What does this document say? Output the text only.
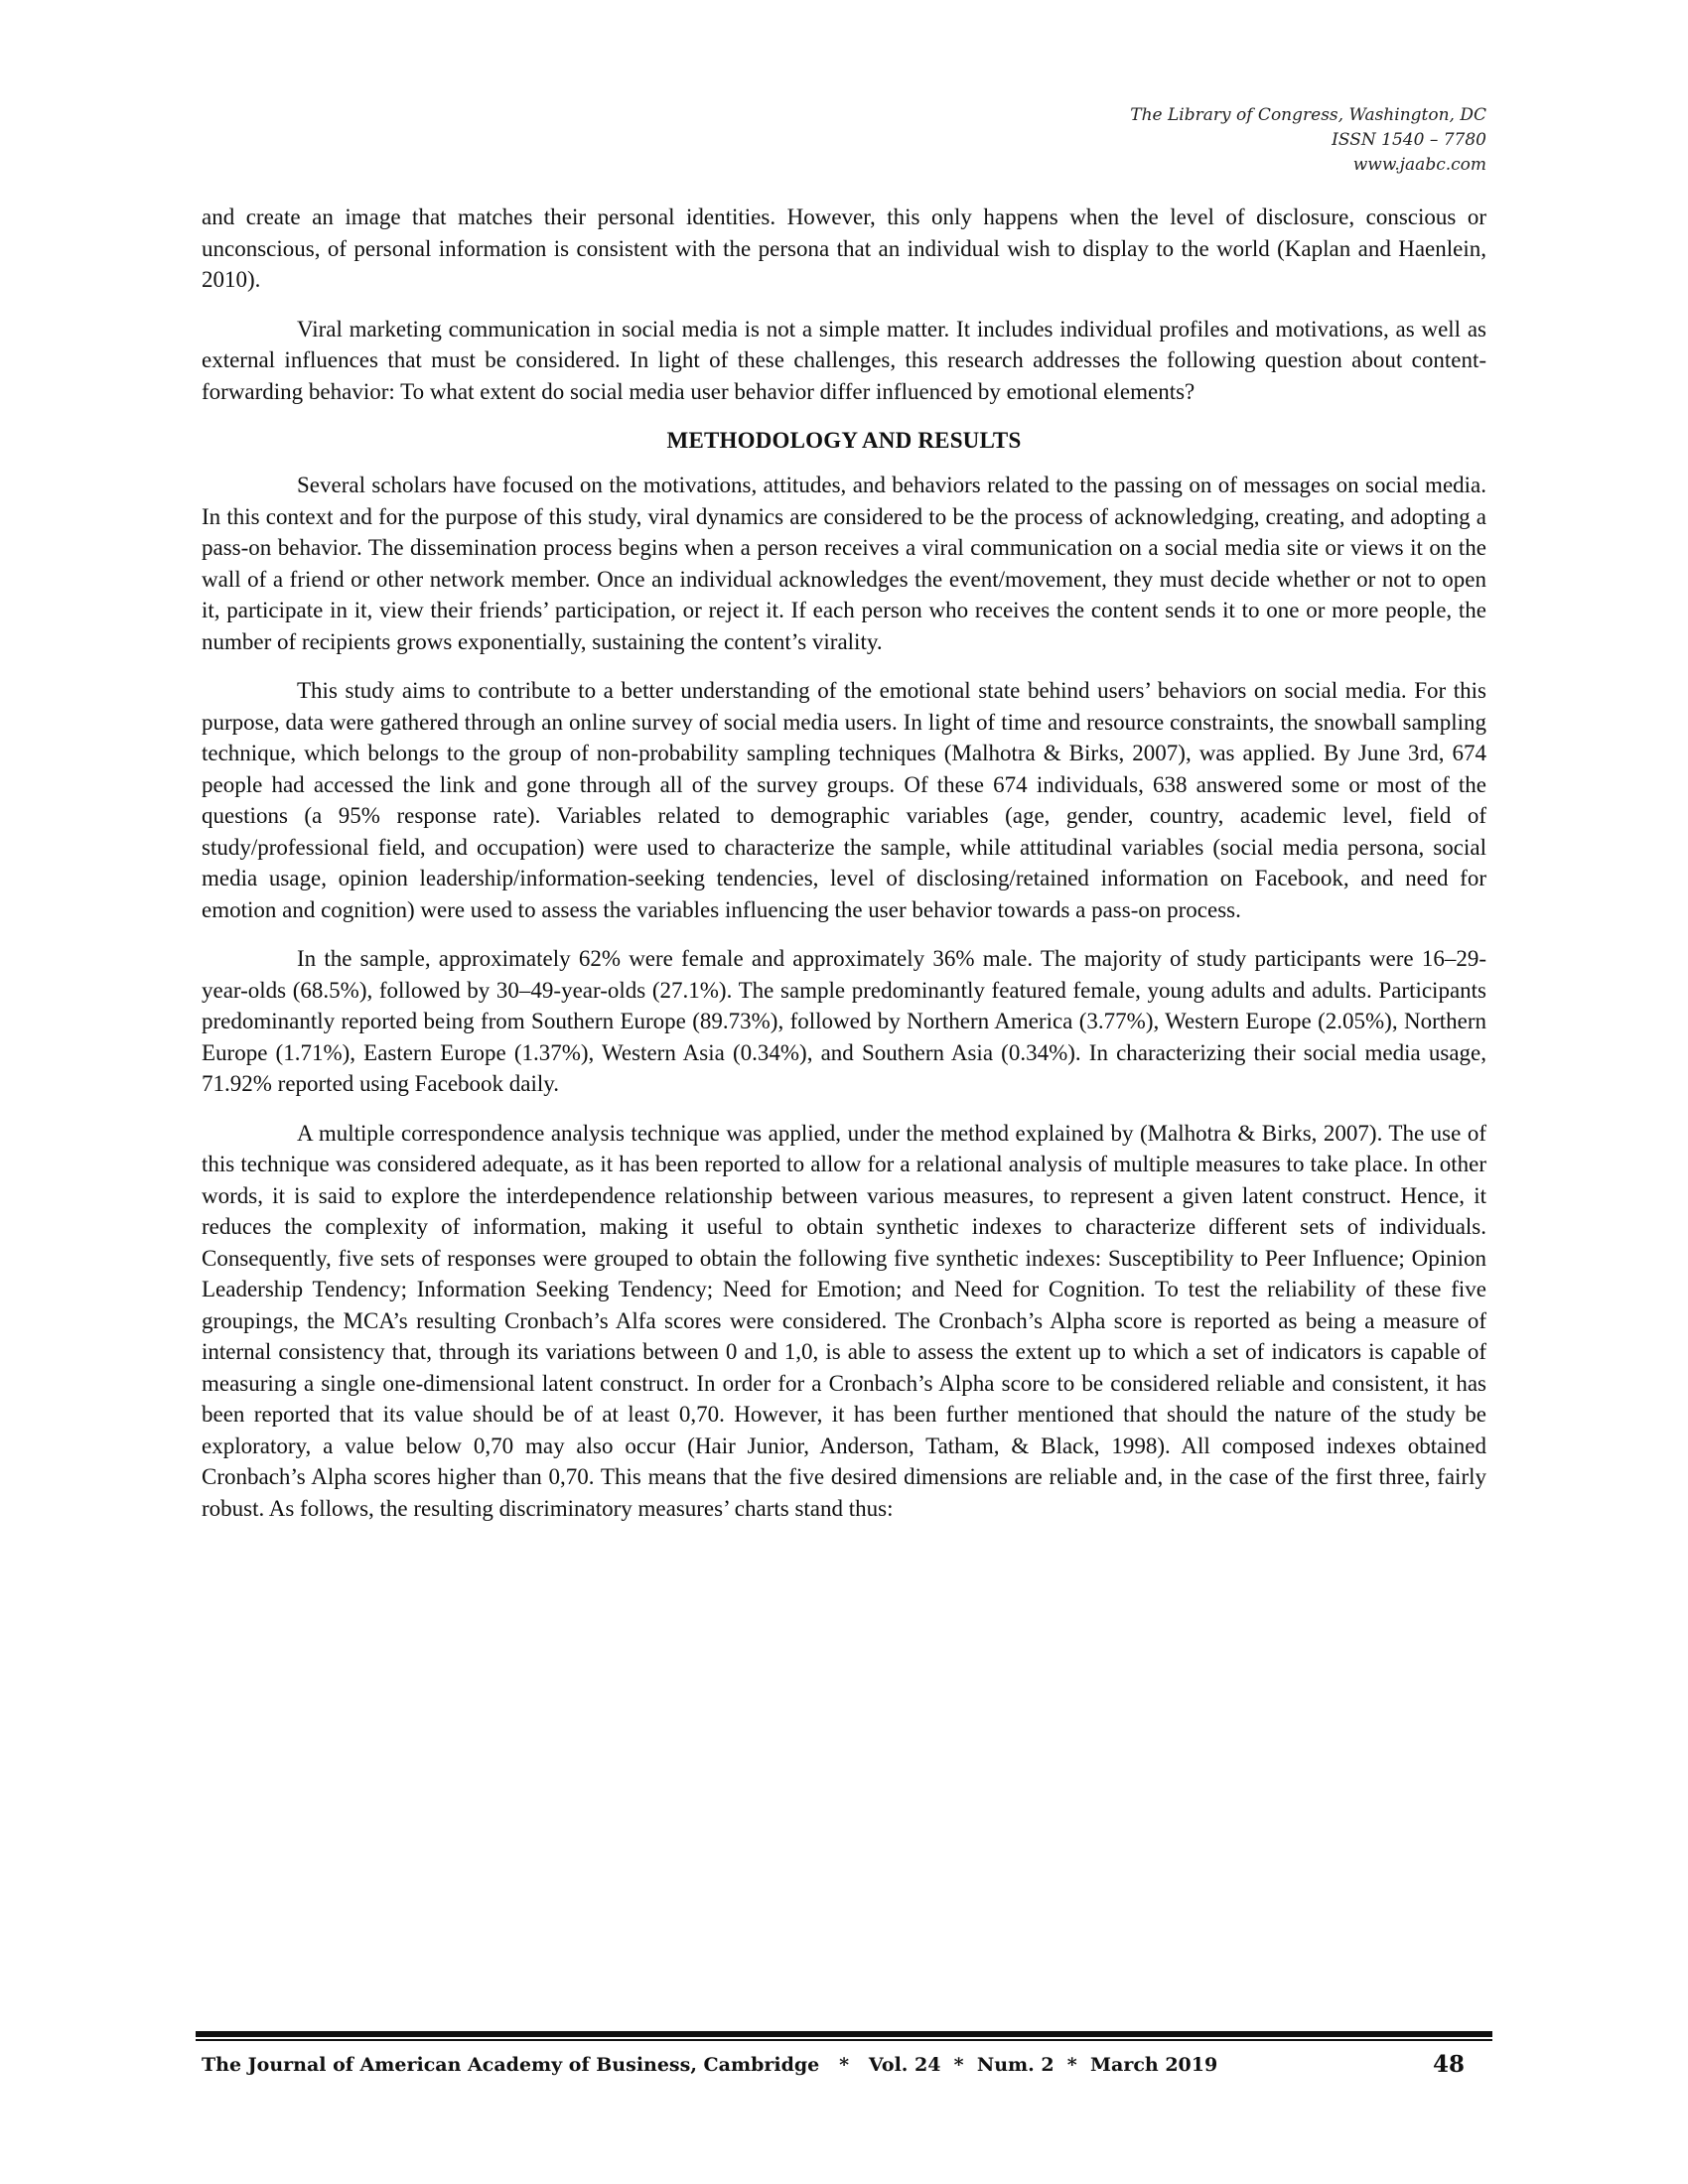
The Library of Congress, Washington, DC
ISSN 1540 – 7780
www.jaabc.com

and create an image that matches their personal identities. However, this only happens when the level of disclosure, conscious or unconscious, of personal information is consistent with the persona that an individual wish to display to the world (Kaplan and Haenlein, 2010).

Viral marketing communication in social media is not a simple matter. It includes individual profiles and motivations, as well as external influences that must be considered. In light of these challenges, this research addresses the following question about content-forwarding behavior: To what extent do social media user behavior differ influenced by emotional elements?

METHODOLOGY AND RESULTS

Several scholars have focused on the motivations, attitudes, and behaviors related to the passing on of messages on social media. In this context and for the purpose of this study, viral dynamics are considered to be the process of acknowledging, creating, and adopting a pass-on behavior. The dissemination process begins when a person receives a viral communication on a social media site or views it on the wall of a friend or other network member. Once an individual acknowledges the event/movement, they must decide whether or not to open it, participate in it, view their friends’ participation, or reject it. If each person who receives the content sends it to one or more people, the number of recipients grows exponentially, sustaining the content’s virality.

This study aims to contribute to a better understanding of the emotional state behind users’ behaviors on social media. For this purpose, data were gathered through an online survey of social media users. In light of time and resource constraints, the snowball sampling technique, which belongs to the group of non-probability sampling techniques (Malhotra & Birks, 2007), was applied. By June 3rd, 674 people had accessed the link and gone through all of the survey groups. Of these 674 individuals, 638 answered some or most of the questions (a 95% response rate). Variables related to demographic variables (age, gender, country, academic level, field of study/professional field, and occupation) were used to characterize the sample, while attitudinal variables (social media persona, social media usage, opinion leadership/information-seeking tendencies, level of disclosing/retained information on Facebook, and need for emotion and cognition) were used to assess the variables influencing the user behavior towards a pass-on process.

In the sample, approximately 62% were female and approximately 36% male. The majority of study participants were 16–29-year-olds (68.5%), followed by 30–49-year-olds (27.1%). The sample predominantly featured female, young adults and adults. Participants predominantly reported being from Southern Europe (89.73%), followed by Northern America (3.77%), Western Europe (2.05%), Northern Europe (1.71%), Eastern Europe (1.37%), Western Asia (0.34%), and Southern Asia (0.34%). In characterizing their social media usage, 71.92% reported using Facebook daily.

A multiple correspondence analysis technique was applied, under the method explained by (Malhotra & Birks, 2007). The use of this technique was considered adequate, as it has been reported to allow for a relational analysis of multiple measures to take place. In other words, it is said to explore the interdependence relationship between various measures, to represent a given latent construct. Hence, it reduces the complexity of information, making it useful to obtain synthetic indexes to characterize different sets of individuals. Consequently, five sets of responses were grouped to obtain the following five synthetic indexes: Susceptibility to Peer Influence; Opinion Leadership Tendency; Information Seeking Tendency; Need for Emotion; and Need for Cognition. To test the reliability of these five groupings, the MCA’s resulting Cronbach’s Alfa scores were considered. The Cronbach’s Alpha score is reported as being a measure of internal consistency that, through its variations between 0 and 1,0, is able to assess the extent up to which a set of indicators is capable of measuring a single one-dimensional latent construct. In order for a Cronbach’s Alpha score to be considered reliable and consistent, it has been reported that its value should be of at least 0,70. However, it has been further mentioned that should the nature of the study be exploratory, a value below 0,70 may also occur (Hair Junior, Anderson, Tatham, & Black, 1998). All composed indexes obtained Cronbach’s Alpha scores higher than 0,70. This means that the five desired dimensions are reliable and, in the case of the first three, fairly robust. As follows, the resulting discriminatory measures’ charts stand thus:

The Journal of American Academy of Business, Cambridge   *   Vol. 24  *  Num. 2  *  March 2019	48
